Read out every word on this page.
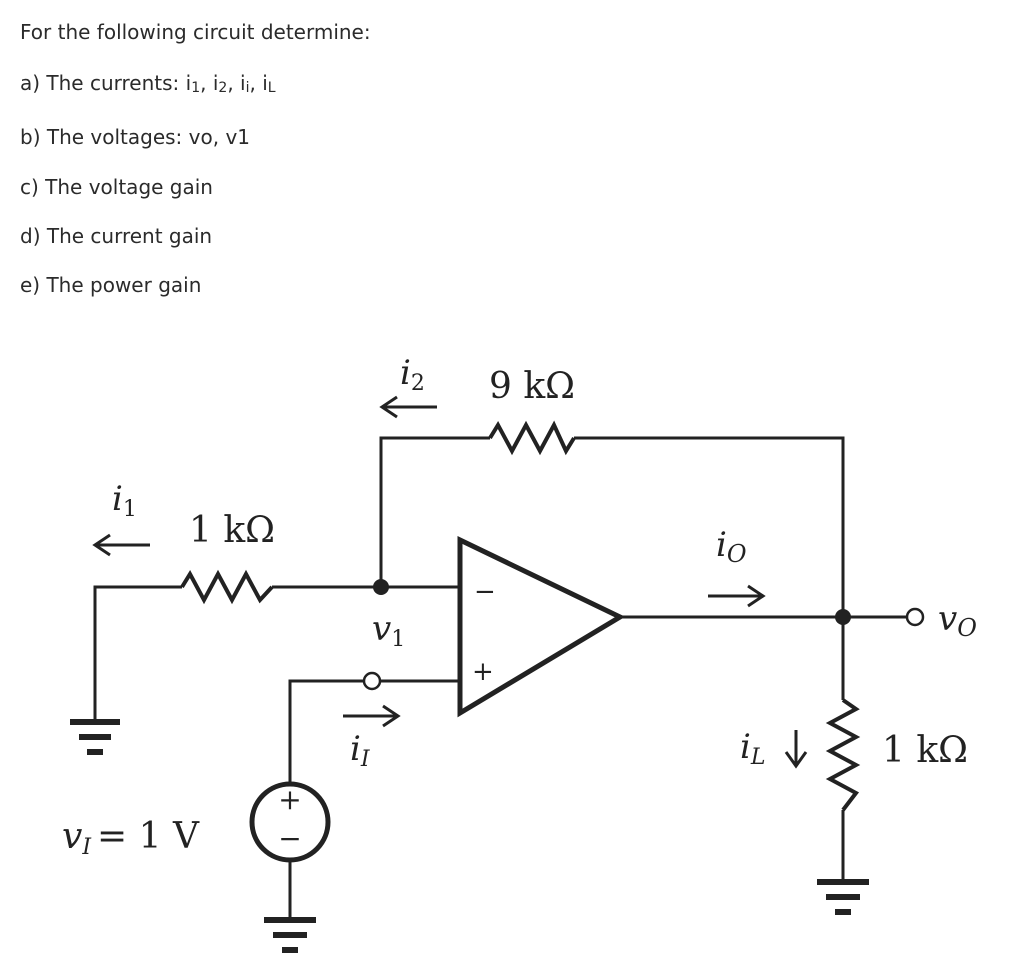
For the following circuit determine:
a) The currents: i1, i2, ii, iL
b) The voltages: vo, v1
c) The voltage gain
d) The current gain
e) The power gain
−
+
+
−
9 kΩ
1 kΩ
1 kΩ
i2
i1
iO
iI	iL
v1
vO
vI = 1 V
